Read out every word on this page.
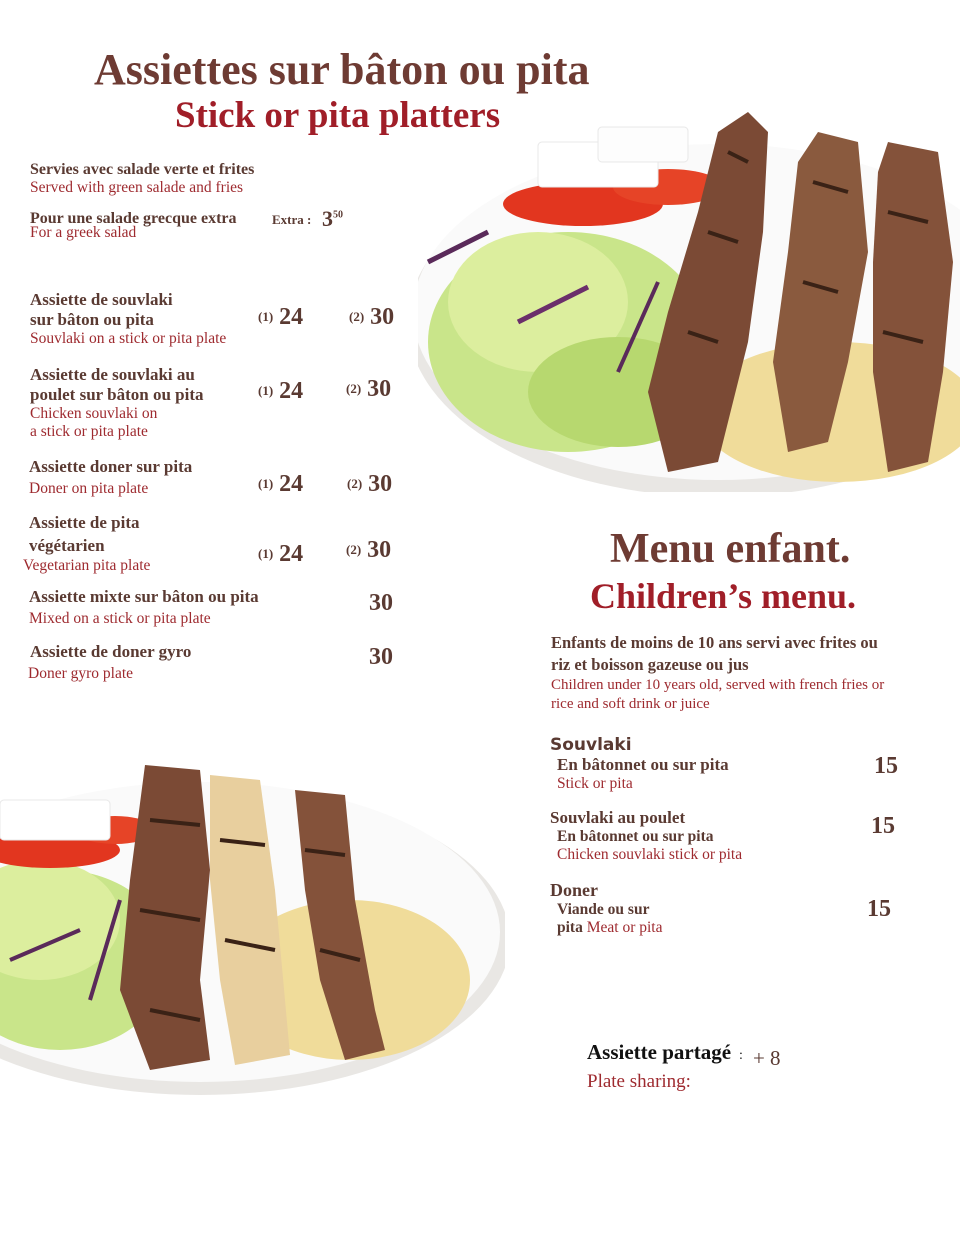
Assiettes sur bâton ou pita
Stick or pita platters
Servies avec salade verte et frites
Served with green salade and fries
Pour une salade grecque extra
For a greek salad
Extra : $3^{50}$
Assiette de souvlaki
sur bâton ou pita
Souvlaki on a stick or pita plate
(1) 24	(2) 30
Assiette de souvlaki au
poulet sur bâton ou pita
Chicken souvlaki on
a stick or pita plate
(1) 24	(2) 30
Assiette doner sur pita
Doner on pita plate	(1) 24	(2) 30
Assiette de pita
végétarien
Vegetarian pita plate
(1) 24	(2) 30
Assiette mixte sur bâton ou pita
Mixed on a stick or pita plate
30
Assiette de doner gyro
Doner gyro plate
30
Menu enfant.
Children’s menu.
Enfants de moins de 10 ans servi avec frites ou
riz et boisson gazeuse ou jus
Children under 10 years old, served with french fries or
rice and soft drink or juice
Souvlaki
En bâtonnet ou sur pita
Stick or pita
15
Souvlaki au poulet
En bâtonnet ou sur pita
Chicken souvlaki stick or pita
15
Doner
Viande ou sur
pita Meat or pita
15
Assiette partagé : + 8
Plate sharing:
